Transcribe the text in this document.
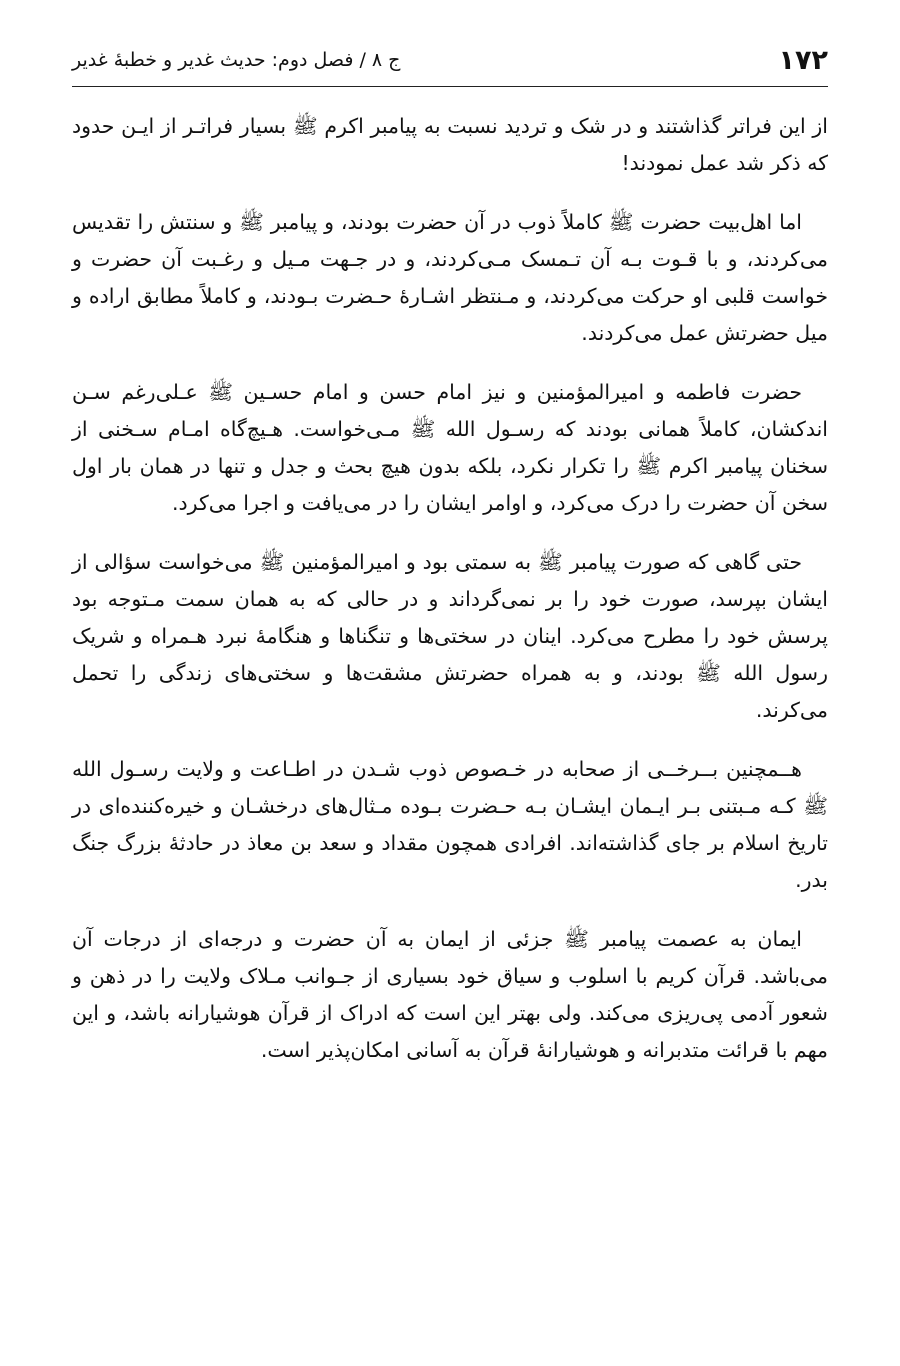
۱۷۲
ج ۸ / فصل دوم: حدیث غدیر و خطبهٔ غدیر

از این فراتر گذاشتند و در شک و تردید نسبت به پیامبر اکرم ﷺ بسیار فراتـر از ایـن حدود که ذکر شد عمل نمودند!

اما اهل‌بیت حضرت ﷺ کاملاً ذوب در آن حضرت بودند، و پیامبر ﷺ و سنتش را تقدیس می‌کردند، و با قـوت بـه آن تـمسک مـی‌کردند، و در جـهت مـیل و رغـبت آن حضرت و خواست قلبی او حرکت می‌کردند، و مـنتظر اشـارهٔ حـضرت بـودند، و کاملاً مطابق اراده و میل حضرتش عمل می‌کردند.

حضرت فاطمه و امیرالمؤمنین و نیز امام حسن و امام حسـین ﷺ عـلی‌رغم سـن اندکشان، کاملاً همانی بودند که رسـول الله ﷺ مـی‌خواست. هـیچ‌گاه امـام سـخنی از سخنان پیامبر اکرم ﷺ را تکرار نکرد، بلکه بدون هیچ بحث و جدل و تنها در همان بار اول سخن آن حضرت را درک می‌کرد، و اوامر ایشان را در می‌یافت و اجرا می‌کرد.

حتی گاهی که صورت پیامبر ﷺ به سمتی بود و امیرالمؤمنین ﷺ می‌خواست سؤالی از ایشان بپرسد، صورت خود را بر نمی‌گرداند و در حالی که به همان سمت مـتوجه بود پرسش خود را مطرح می‌کرد. اینان در سختی‌ها و تنگناها و هنگامهٔ نبرد هـمراه و شریک رسول الله ﷺ بودند، و به همراه حضرتش مشقت‌ها و سختی‌های زندگی را تحمل می‌کرند.

هــمچنین بــرخــی از صحابه در خـصوص ذوب شـدن در اطـاعت و ولایت رسـول الله ﷺ کـه مـبتنی بـر ایـمان ایشـان بـه حـضرت بـوده مـثال‌های درخشـان و خیره‌کننده‌ای در تاریخ اسلام بر جای گذاشته‌اند. افرادی همچون مقداد و سعد بن معاذ در حادثهٔ بزرگ جنگ بدر.

ایمان به عصمت پیامبر ﷺ جزئی از ایمان به آن حضرت و درجه‌ای از درجات آن می‌باشد. قرآن کریم با اسلوب و سیاق خود بسیاری از جـوانب مـلاک ولایت را در ذهن و شعور آدمی پی‌ریزی می‌کند. ولی بهتر این است که ادراک از قرآن هوشیارانه باشد، و این مهم با قرائت متدبرانه و هوشیارانهٔ قرآن به آسانی امکان‌پذیر است.
